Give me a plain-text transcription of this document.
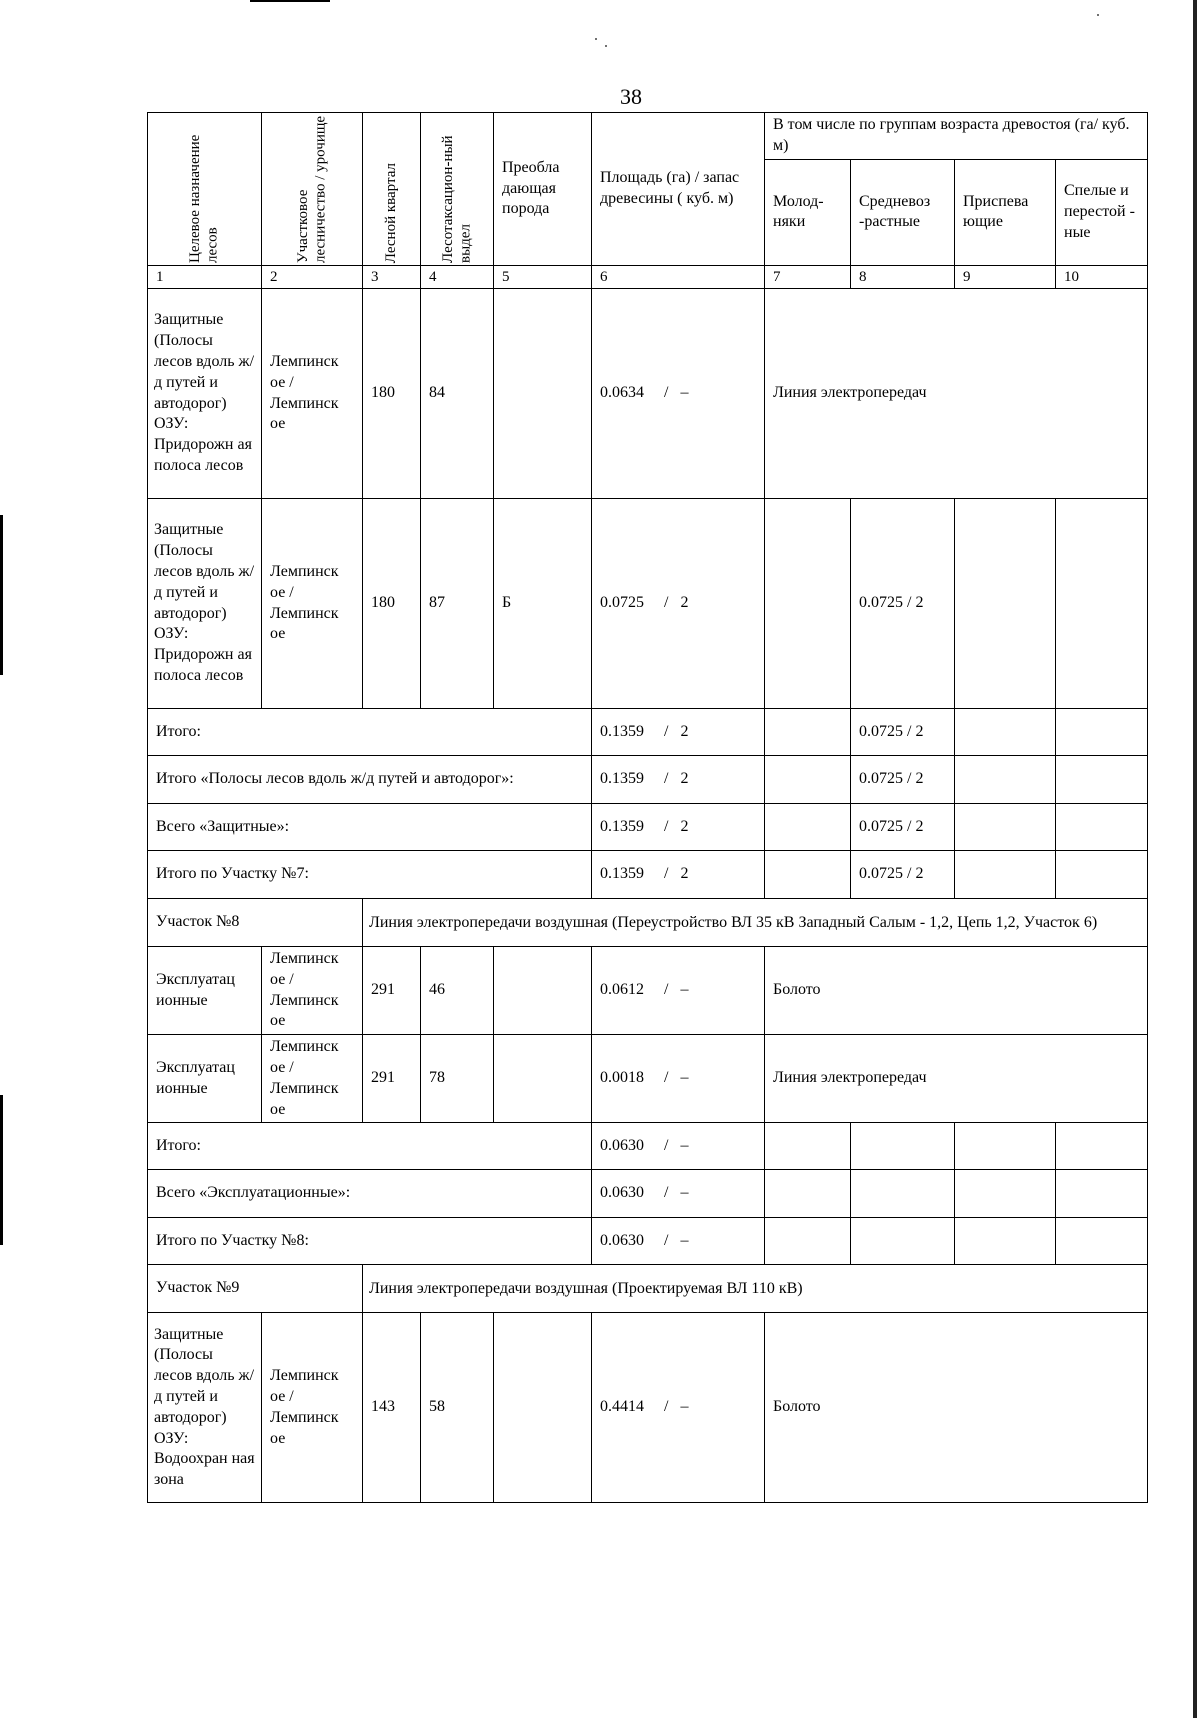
38
Целевое назначение лесов	Участковое лесничество / урочище	Лесной квартал	Лесотаксацион-ный выдел	Преобла дающая порода	Площадь (га) / запас древесины ( куб. м)	В том числе по группам возраста древостоя (га/ куб. м)			
						Молод-няки	Средневоз -растные	Приспева ющие	Спелые и перестой - ные
1	2	3	4	5	6	7	8	9	10
Защитные (Полосы лесов вдоль ж/д путей и автодорог) ОЗУ: Придорожн ая полоса лесов	Лемпинск ое / Лемпинск ое	180	84		0.0634     /   –	Линия электропередач			
Защитные (Полосы лесов вдоль ж/д путей и автодорог) ОЗУ: Придорожн ая полоса лесов	Лемпинск ое / Лемпинск ое	180	87	Б	0.0725     /   2		0.0725 / 2		
Итого:					0.1359     /   2		0.0725 / 2		
Итого «Полосы лесов вдоль ж/д путей и автодорог»:					0.1359     /   2		0.0725 / 2		
Всего «Защитные»:					0.1359     /   2		0.0725 / 2		
Итого по Участку №7:					0.1359     /   2		0.0725 / 2		
Участок №8		Линия электропередачи воздушная (Переустройство ВЛ 35 кВ Западный Салым - 1,2, Цепь 1,2, Участок 6)							
Эксплуатац ионные	Лемпинск ое / Лемпинск ое	291	46		0.0612     /   –	Болото			
Эксплуатац ионные	Лемпинск ое / Лемпинск ое	291	78		0.0018     /   –	Линия электропередач			
Итого:					0.0630     /   –				
Всего «Эксплуатационные»:					0.0630     /   –				
Итого по Участку №8:					0.0630     /   –				
Участок №9		Линия электропередачи воздушная (Проектируемая ВЛ 110 кВ)							
Защитные (Полосы лесов вдоль ж/д путей и автодорог) ОЗУ: Водоохран ная зона	Лемпинск ое / Лемпинск ое	143	58		0.4414     /   –	Болото			
